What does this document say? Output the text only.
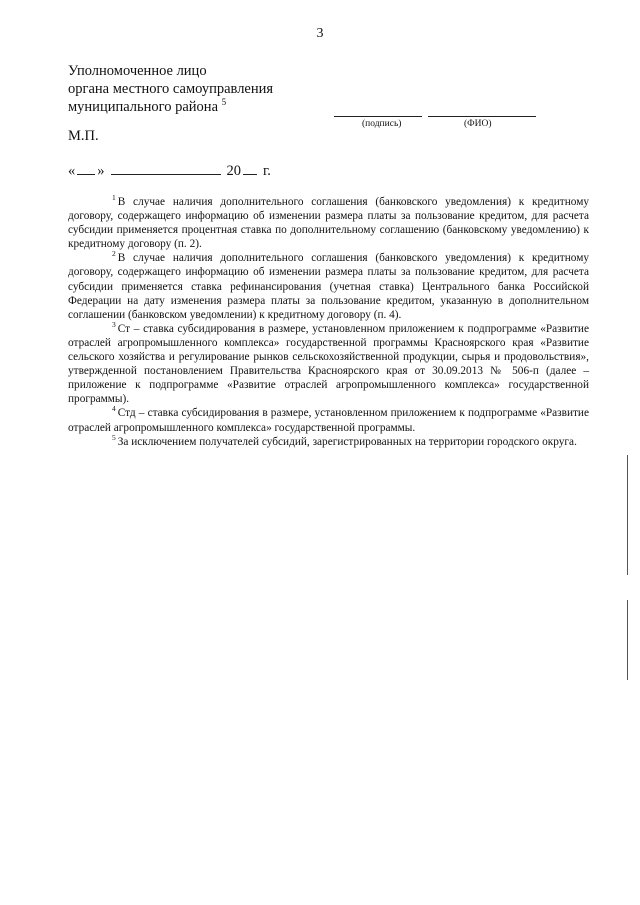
3
Уполномоченное лицо
органа местного самоуправления
муниципального района $^5$
(подпись)	(ФИО)
М.П.
« »	20 г.

$^1$ В случае наличия дополнительного соглашения (банковского уведомления) к кредитному договору, содержащего информацию об изменении размера платы за пользование кредитом, для расчета субсидии применяется процентная ставка по дополнительному соглашению (банковскому уведомлению) к кредитному договору (п. 2).

$^2$ В случае наличия дополнительного соглашения (банковского уведомления) к кредитному договору, содержащего информацию об изменении размера платы за пользование кредитом, для расчета субсидии применяется ставка рефинансирования (учетная ставка) Центрального банка Российской Федерации на дату изменения размера платы за пользование кредитом, указанную в дополнительном соглашении (банковском уведомлении) к кредитному договору (п. 4).

$^3$ Ст – ставка субсидирования в размере, установленном приложением к подпрограмме «Развитие отраслей агропромышленного комплекса» государственной программы Красноярского края «Развитие сельского хозяйства и регулирование рынков сельскохозяйственной продукции, сырья и продовольствия», утвержденной постановлением Правительства Красноярского края от 30.09.2013 № 506-п (далее – приложение к подпрограмме «Развитие отраслей агропромышленного комплекса» государственной программы).

$^4$ Стд – ставка субсидирования в размере, установленном приложением к подпрограмме «Развитие отраслей агропромышленного комплекса» государственной программы.

$^5$ За исключением получателей субсидий, зарегистрированных на территории городского округа.
